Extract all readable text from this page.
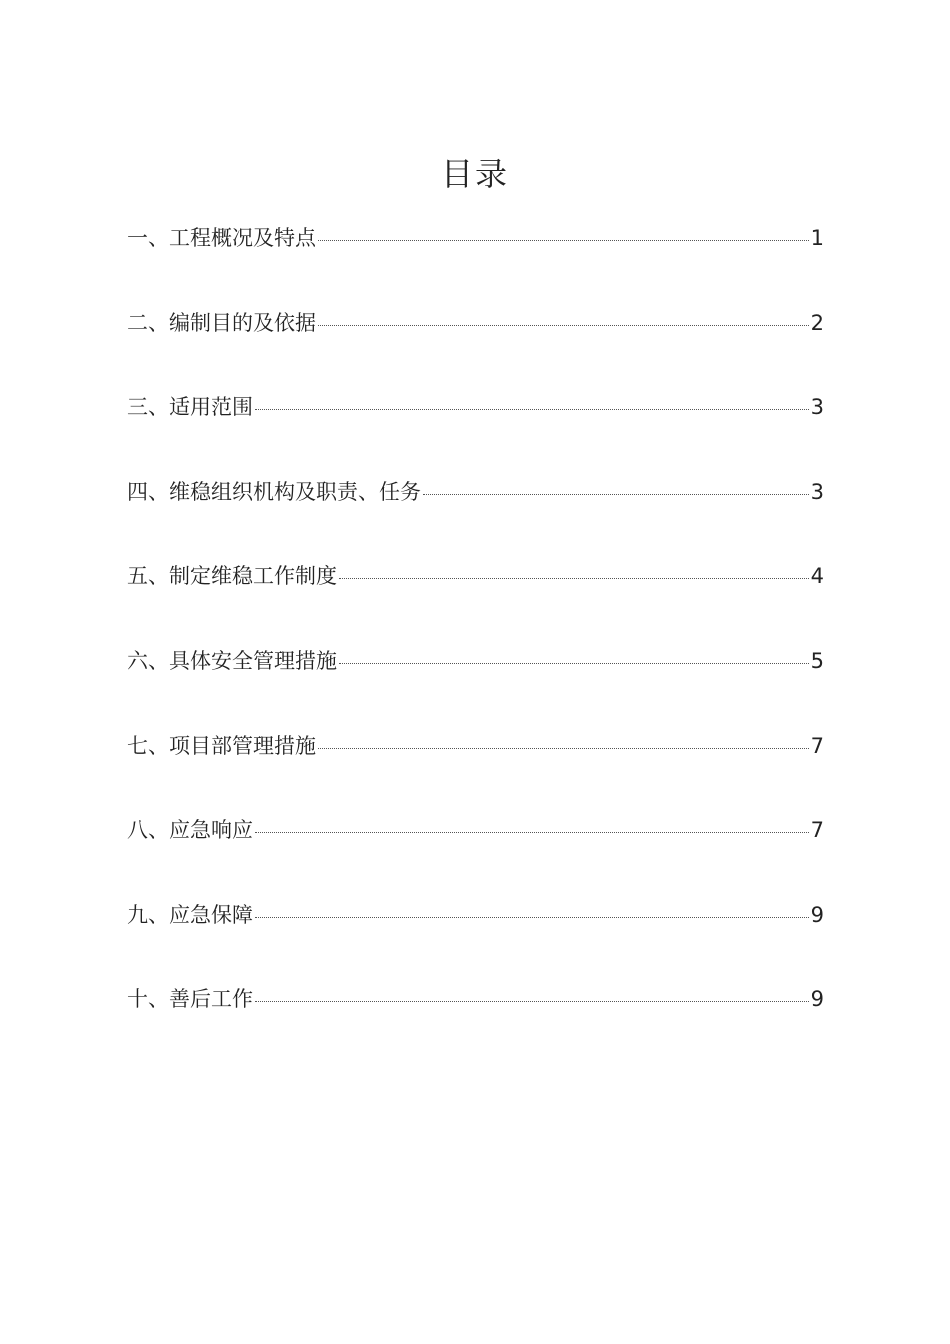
目录
一、 工程概况及特点	1
二、 编制目的及依据	2
三、 适用范围	3
四、 维稳组织机构及职责、任务	3
五、 制定维稳工作制度	4
六、 具体安全管理措施	5
七、 项目部管理措施	7
八、 应急响应	7
九、 应急保障	9
十、 善后工作	9
